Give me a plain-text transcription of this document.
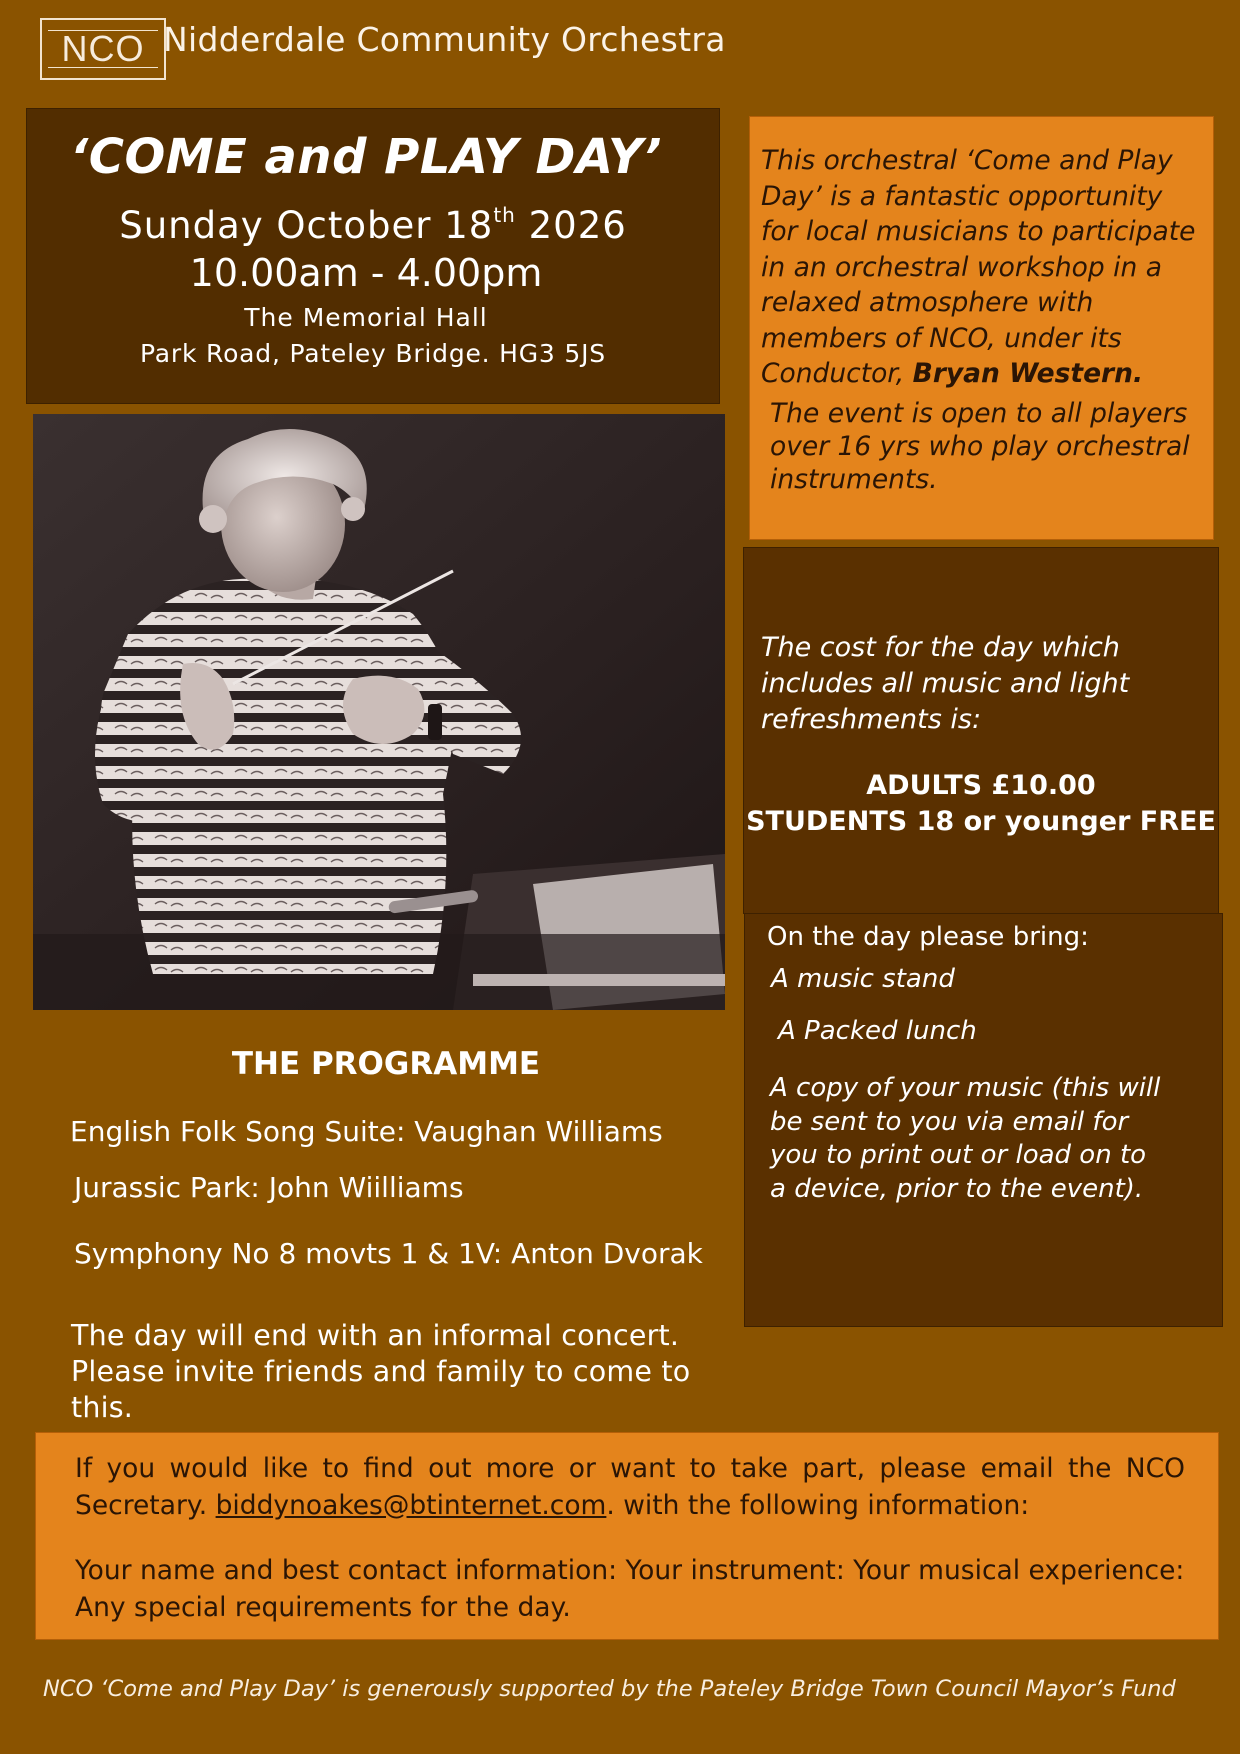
NCO Nidderdale Community Orchestra
‘COME and PLAY DAY’
Sunday October 18th 2026
10.00am - 4.00pm
The Memorial Hall
Park Road, Pateley Bridge. HG3 5JS

This orchestral ‘Come and Play Day’ is a fantastic opportunity for local musicians to participate in an orchestral workshop in a relaxed atmosphere with members of NCO, under its Conductor, Bryan Western.

The event is open to all players over 16 yrs who play orchestral instruments.

The cost for the day which includes all music and light refreshments is:

ADULTS £10.00
STUDENTS 18 or younger FREE
On the day please bring:
A music stand
A Packed lunch

A copy of your music (this will be sent to you via email for you to print out or load on to a device, prior to the event).

THE PROGRAMME
English Folk Song Suite: Vaughan Williams
Jurassic Park: John Wiilliams
Symphony No 8 movts 1 & 1V: Anton Dvorak

The day will end with an informal concert. Please invite friends and family to come to this.

If you would like to find out more or want to take part, please email the NCO Secretary. biddynoakes@btinternet.com. with the following information:

Your name and best contact information: Your instrument: Your musical experience: Any special requirements for the day.

NCO ‘Come and Play Day’ is generously supported by the Pateley Bridge Town Council Mayor’s Fund
